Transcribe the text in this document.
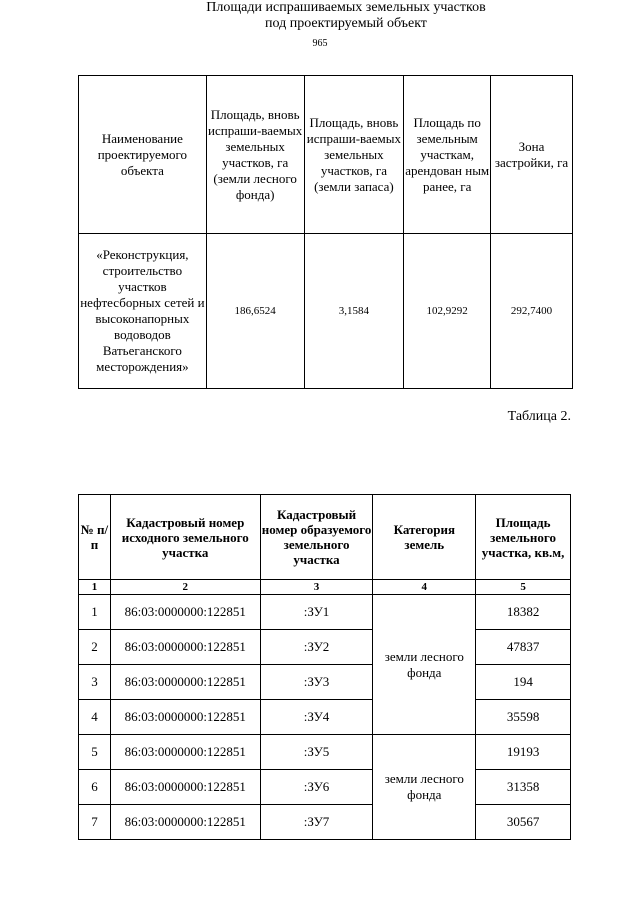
965
Наименование проектируемого объекта	Площадь, вновь испраши-ваемых земельных участков, га (земли лесного фонда)	Площадь, вновь испраши-ваемых земельных участков, га (земли запаса)	Площадь по земельным участкам, арендован ным ранее, га	Зона застройки, га
«Реконструкция, строительство участков нефтесборных сетей и высоконапорных водоводов Ватьеганского месторождения»	186,6524	3,1584	102,9292	292,7400
Таблица 2.
Площади испрашиваемых земельных участков
под проектируемый объект
№ п/п	Кадастровый номер исходного земельного участка	Кадастровый номер образуемого земельного участка	Категория земель	Площадь земельного участка, кв.м,
1	2	3	4	5
1	86:03:0000000:122851	:ЗУ1	земли лесного фонда	18382
2	86:03:0000000:122851	:ЗУ2		47837
3	86:03:0000000:122851	:ЗУ3		194
4	86:03:0000000:122851	:ЗУ4		35598
5	86:03:0000000:122851	:ЗУ5	земли лесного фонда	19193
6	86:03:0000000:122851	:ЗУ6		31358
7	86:03:0000000:122851	:ЗУ7		30567
